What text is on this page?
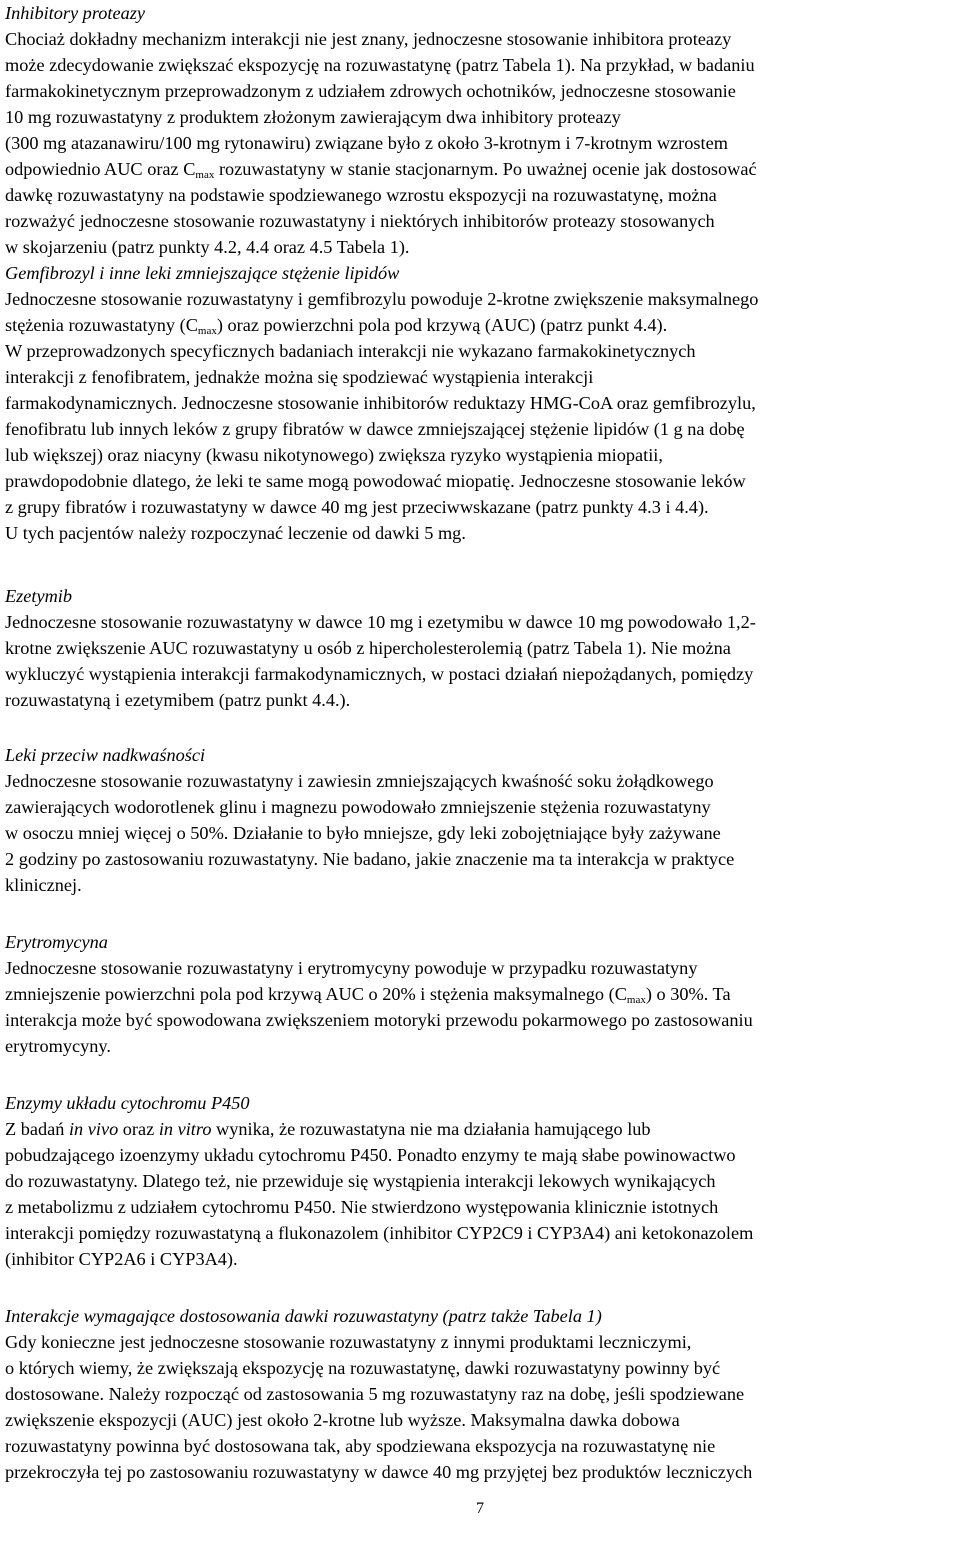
Inhibitory proteazy
Chociaż dokładny mechanizm interakcji nie jest znany, jednoczesne stosowanie inhibitora proteazy
może zdecydowanie zwiększać ekspozycję na rozuwastatynę (patrz Tabela 1). Na przykład, w badaniu
farmakokinetycznym przeprowadzonym z udziałem zdrowych ochotników, jednoczesne stosowanie
10 mg rozuwastatyny z produktem złożonym zawierającym dwa inhibitory proteazy
(300 mg atazanawiru/100 mg rytonawiru) związane było z około 3-krotnym i 7-krotnym wzrostem
odpowiednio AUC oraz $C_{max}$ rozuwastatyny w stanie stacjonarnym. Po uważnej ocenie jak dostosować
dawkę rozuwastatyny na podstawie spodziewanego wzrostu ekspozycji na rozuwastatynę, można
rozważyć jednoczesne stosowanie rozuwastatyny i niektórych inhibitorów proteazy stosowanych
w skojarzeniu (patrz punkty 4.2, 4.4 oraz 4.5 Tabela 1).
Gemfibrozyl i inne leki zmniejszające stężenie lipidów
Jednoczesne stosowanie rozuwastatyny i gemfibrozylu powoduje 2-krotne zwiększenie maksymalnego
stężenia rozuwastatyny $(C_{max})$ oraz powierzchni pola pod krzywą (AUC) (patrz punkt 4.4).
W przeprowadzonych specyficznych badaniach interakcji nie wykazano farmakokinetycznych
interakcji z fenofibratem, jednakże można się spodziewać wystąpienia interakcji
farmakodynamicznych. Jednoczesne stosowanie inhibitorów reduktazy HMG-CoA oraz gemfibrozylu,
fenofibratu lub innych leków z grupy fibratów w dawce zmniejszającej stężenie lipidów (1 g na dobę
lub większej) oraz niacyny (kwasu nikotynowego) zwiększa ryzyko wystąpienia miopatii,
prawdopodobnie dlatego, że leki te same mogą powodować miopatię. Jednoczesne stosowanie leków
z grupy fibratów i rozuwastatyny w dawce 40 mg jest przeciwwskazane (patrz punkty 4.3 i 4.4).
U tych pacjentów należy rozpoczynać leczenie od dawki 5 mg.
Ezetymib
Jednoczesne stosowanie rozuwastatyny w dawce 10 mg i ezetymibu w dawce 10 mg powodowało 1,2-
krotne zwiększenie AUC rozuwastatyny u osób z hipercholesterolemią (patrz Tabela 1). Nie można
wykluczyć wystąpienia interakcji farmakodynamicznych, w postaci działań niepożądanych, pomiędzy
rozuwastatyną i ezetymibem (patrz punkt 4.4.).
Leki przeciw nadkwaśności
Jednoczesne stosowanie rozuwastatyny i zawiesin zmniejszających kwaśność soku żołądkowego
zawierających wodorotlenek glinu i magnezu powodowało zmniejszenie stężenia rozuwastatyny
w osoczu mniej więcej o 50%. Działanie to było mniejsze, gdy leki zobojętniające były zażywane
2 godziny po zastosowaniu rozuwastatyny. Nie badano, jakie znaczenie ma ta interakcja w praktyce
klinicznej.
Erytromycyna
Jednoczesne stosowanie rozuwastatyny i erytromycyny powoduje w przypadku rozuwastatyny
zmniejszenie powierzchni pola pod krzywą AUC o 20% i stężenia maksymalnego $(C_{max})$ o 30%. Ta
interakcja może być spowodowana zwiększeniem motoryki przewodu pokarmowego po zastosowaniu
erytromycyny.
Enzymy układu cytochromu P450
Z badań in vivo oraz in vitro wynika, że rozuwastatyna nie ma działania hamującego lub
pobudzającego izoenzymy układu cytochromu P450. Ponadto enzymy te mają słabe powinowactwo
do rozuwastatyny. Dlatego też, nie przewiduje się wystąpienia interakcji lekowych wynikających
z metabolizmu z udziałem cytochromu P450. Nie stwierdzono występowania klinicznie istotnych
interakcji pomiędzy rozuwastatyną a flukonazolem (inhibitor CYP2C9 i CYP3A4) ani ketokonazolem
(inhibitor CYP2A6 i CYP3A4).
Interakcje wymagające dostosowania dawki rozuwastatyny (patrz także Tabela 1)
Gdy konieczne jest jednoczesne stosowanie rozuwastatyny z innymi produktami leczniczymi,
o których wiemy, że zwiększają ekspozycję na rozuwastatynę, dawki rozuwastatyny powinny być
dostosowane. Należy rozpocząć od zastosowania 5 mg rozuwastatyny raz na dobę, jeśli spodziewane
zwiększenie ekspozycji (AUC) jest około 2-krotne lub wyższe. Maksymalna dawka dobowa
rozuwastatyny powinna być dostosowana tak, aby spodziewana ekspozycja na rozuwastatynę nie
przekroczyła tej po zastosowaniu rozuwastatyny w dawce 40 mg przyjętej bez produktów leczniczych
7
